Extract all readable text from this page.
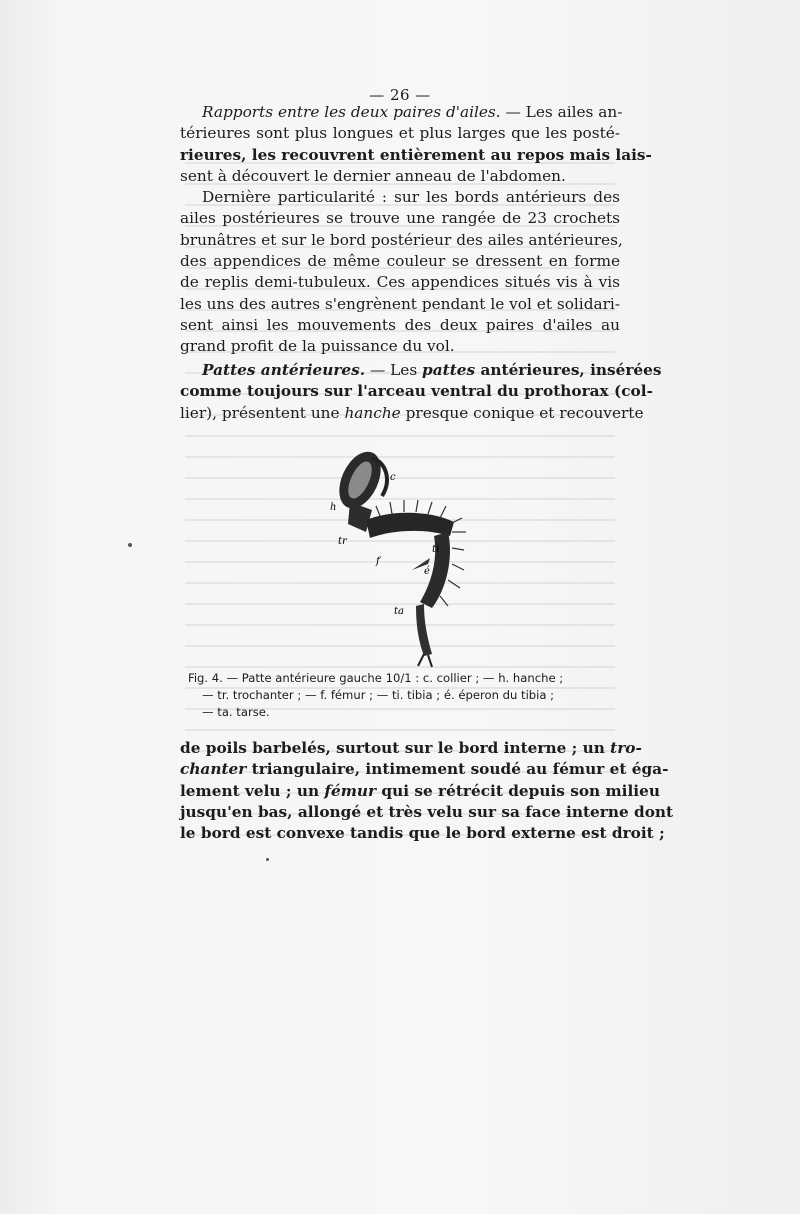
— 26 —
Rapports entre les deux paires d'ailes. — Les ailes an-
térieures sont plus longues et plus larges que les posté-
rieures, les recouvrent entièrement au repos mais lais-
sent à découvert le dernier anneau de l'abdomen.
Dernière particularité : sur les bords antérieurs des
ailes postérieures se trouve une rangée de 23 crochets
brunâtres et sur le bord postérieur des ailes antérieures,
des appendices de même couleur se dressent en forme
de replis demi-tubuleux. Ces appendices situés vis à vis
les uns des autres s'engrènent pendant le vol et solidari-
sent ainsi les mouvements des deux paires d'ailes au
grand profit de la puissance du vol.
Pattes antérieures. — Les pattes antérieures, insérées
comme toujours sur l'arceau ventral du prothorax (col-
lier), présentent une hanche presque conique et recouverte
c
h
tr
f
ti
é
ta
Fig. 4. — Patte antérieure gauche 10/1 : c. collier ; — h. hanche ;
— tr. trochanter ; — f. fémur ; — ti. tibia ; é. éperon du tibia ;
— ta. tarse.
de poils barbelés, surtout sur le bord interne ; un tro-
chanter triangulaire, intimement soudé au fémur et éga-
lement velu ; un fémur qui se rétrécit depuis son milieu
jusqu'en bas, allongé et très velu sur sa face interne dont
le bord est convexe tandis que le bord externe est droit ;
